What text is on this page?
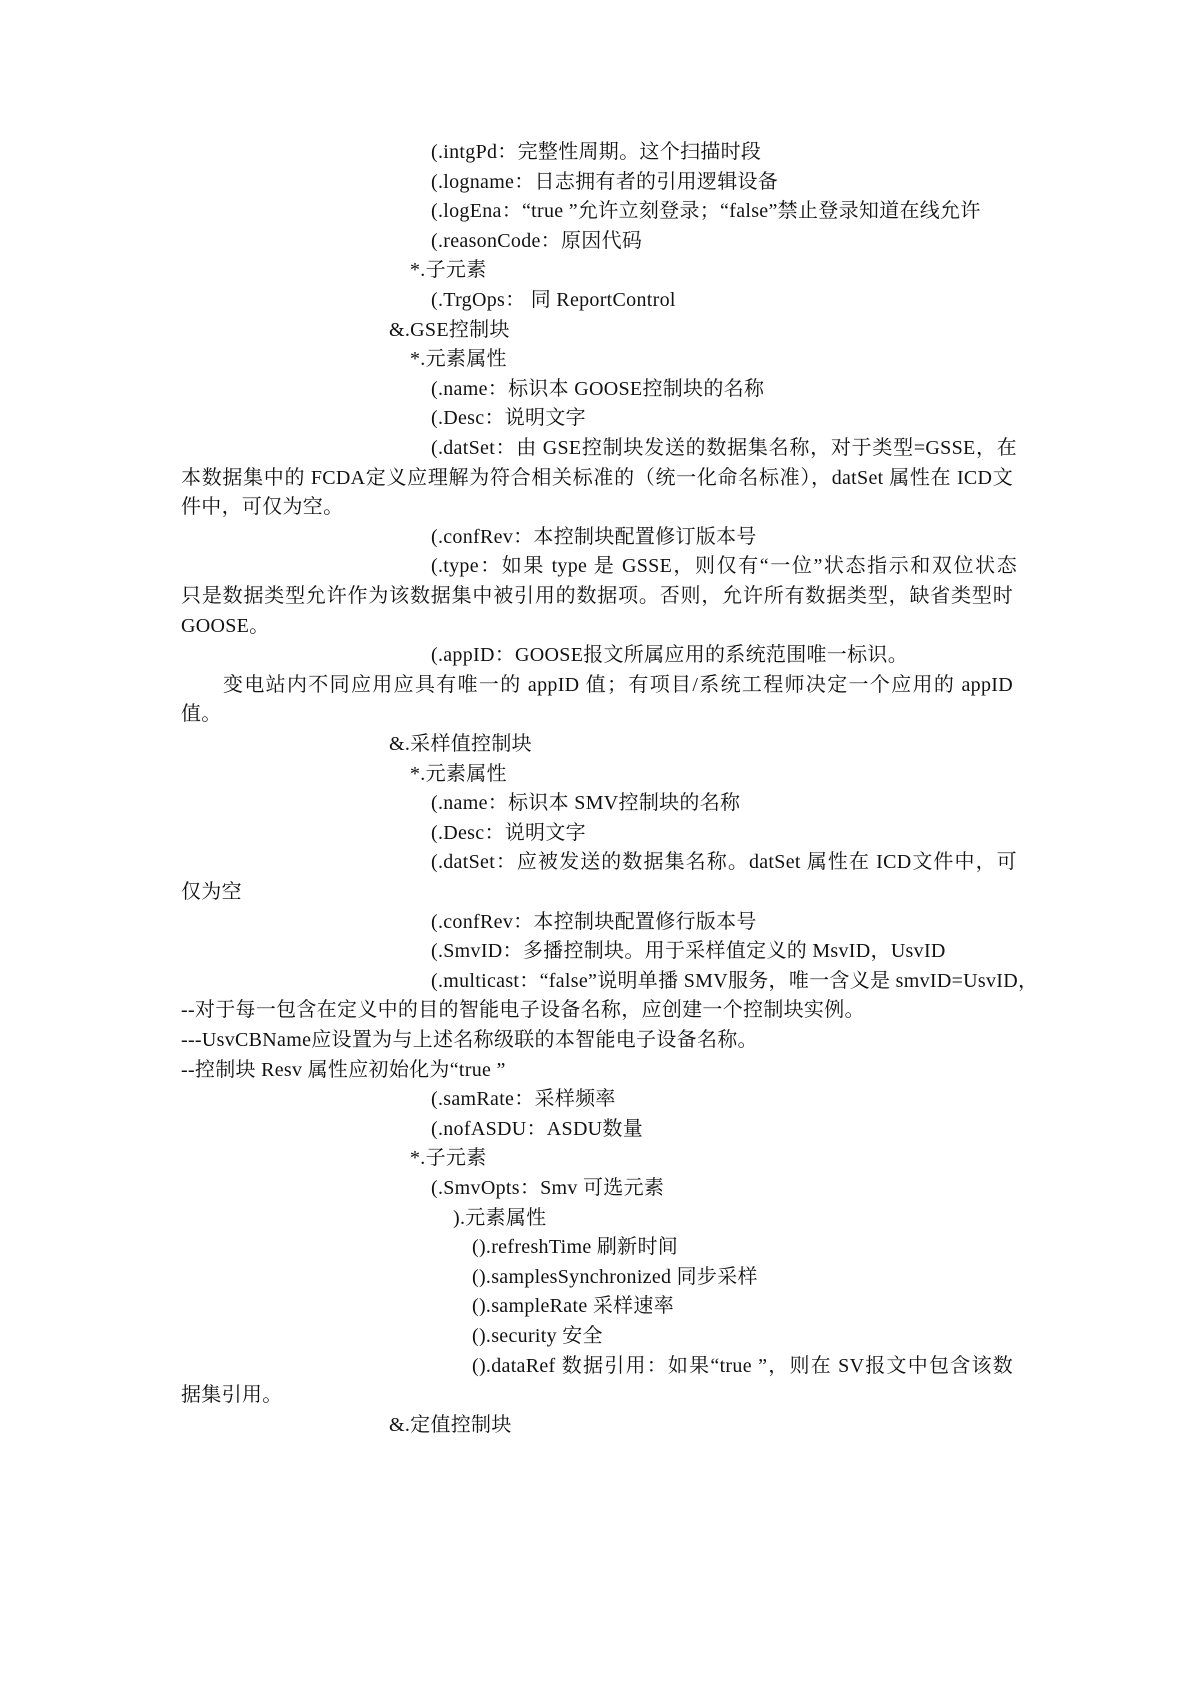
(.intgPd：完整性周期。这个扫描时段
(.logname：日志拥有者的引用逻辑设备
(.logEna：“true ”允许立刻登录；“false”禁止登录知道在线允许
(.reasonCode：原因代码
*.子元素
(.TrgOps： 同 ReportControl
&.GSE控制块
*.元素属性
(.name：标识本 GOOSE控制块的名称
(.Desc：说明文字
(.datSet：由 GSE控制块发送的数据集名称，对于类型=GSSE，在
本数据集中的 FCDA定义应理解为符合相关标准的（统一化命名标准），datSet 属性在 ICD文
件中，可仅为空。
(.confRev：本控制块配置修订版本号
(.type：如果 type 是 GSSE，则仅有“一位”状态指示和双位状态
只是数据类型允许作为该数据集中被引用的数据项。否则，允许所有数据类型，缺省类型时
GOOSE。
(.appID：GOOSE报文所属应用的系统范围唯一标识。
变电站内不同应用应具有唯一的 appID 值；有项目/系统工程师决定一个应用的 appID
值。
&.采样值控制块
*.元素属性
(.name：标识本 SMV控制块的名称
(.Desc：说明文字
(.datSet：应被发送的数据集名称。datSet 属性在 ICD文件中，可
仅为空
(.confRev：本控制块配置修行版本号
(.SmvID：多播控制块。用于采样值定义的 MsvID，UsvID
(.multicast：“false”说明单播 SMV服务，唯一含义是 smvID=UsvID，
--对于每一包含在定义中的目的智能电子设备名称，应创建一个控制块实例。
---UsvCBName应设置为与上述名称级联的本智能电子设备名称。
--控制块 Resv 属性应初始化为“true ”
(.samRate：采样频率
(.nofASDU：ASDU数量
*.子元素
(.SmvOpts：Smv 可选元素
).元素属性
().refreshTime 刷新时间
().samplesSynchronized 同步采样
().sampleRate 采样速率
().security 安全
().dataRef 数据引用：如果“true ”，则在 SV报文中包含该数
据集引用。
&.定值控制块
